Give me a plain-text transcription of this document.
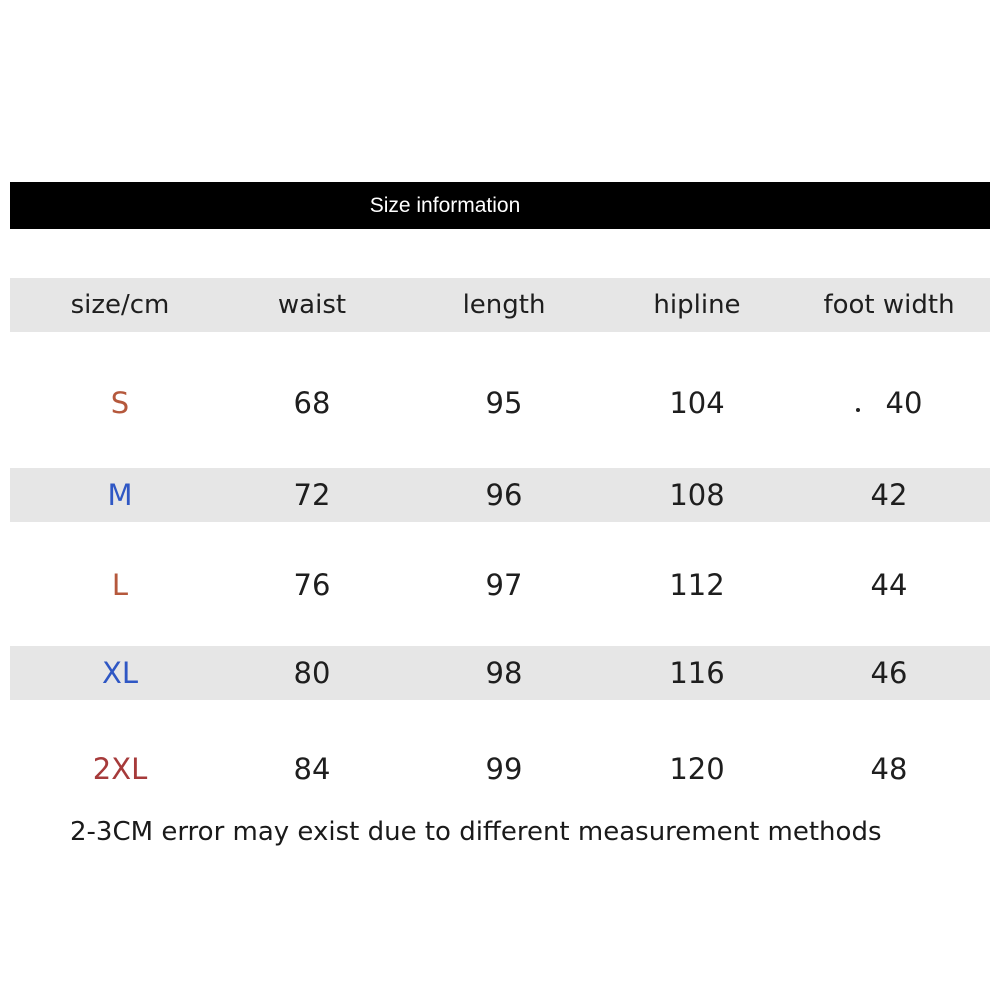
Size information
size/cm	waist	length	hipline	foot width
S	68	95	104	40
M	72	96	108	42
L	76	97	112	44
XL	80	98	116	46
2XL	84	99	120	48
2-3CM error may exist due to different measurement methods
